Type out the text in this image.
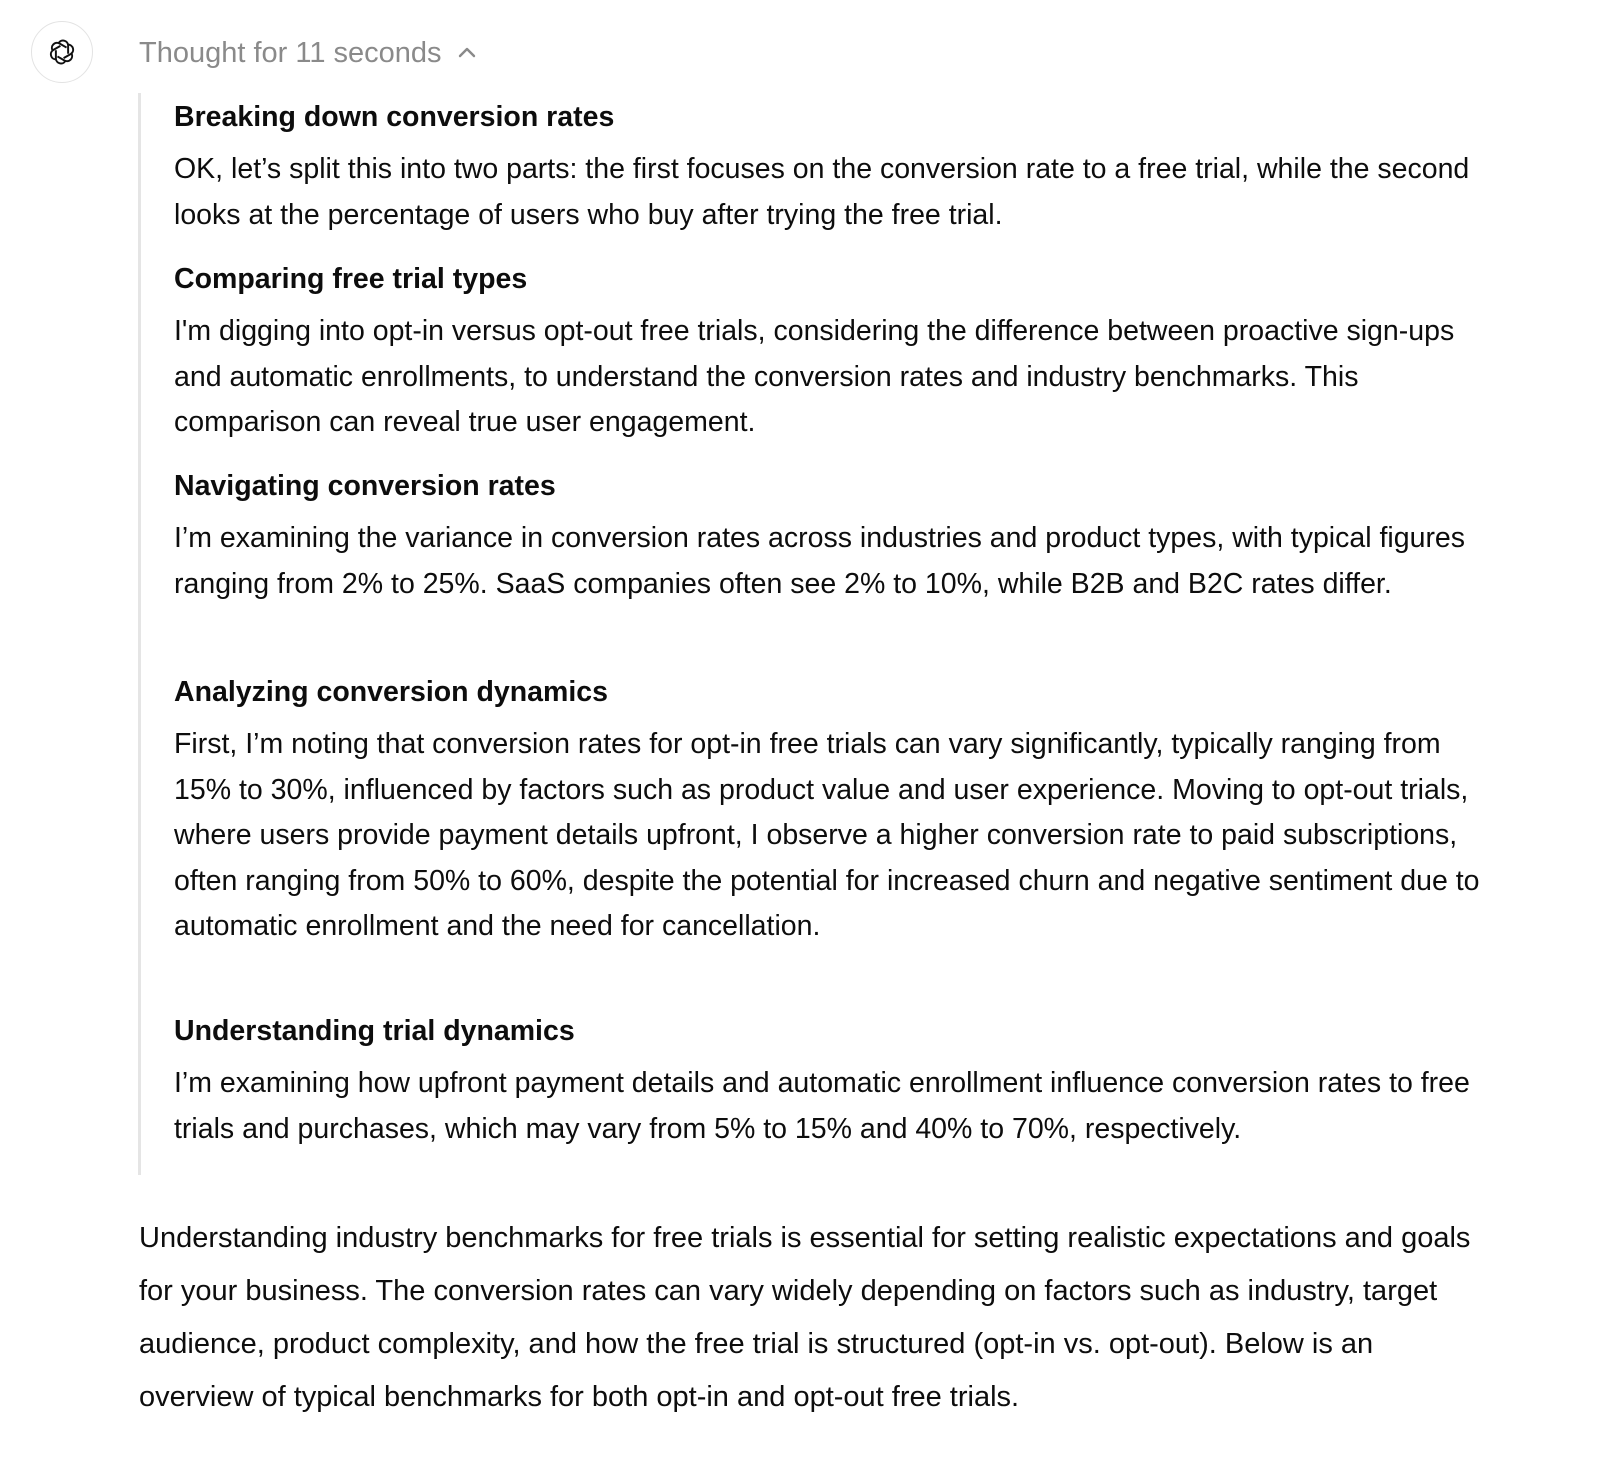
Thought for 11 seconds
Breaking down conversion rates

OK, let’s split this into two parts: the first focuses on the conversion rate to a free trial, while the second looks at the percentage of users who buy after trying the free trial.

Comparing free trial types

I'm digging into opt-in versus opt-out free trials, considering the difference between proactive sign-ups and automatic enrollments, to understand the conversion rates and industry benchmarks. This comparison can reveal true user engagement.

Navigating conversion rates

I’m examining the variance in conversion rates across industries and product types, with typical figures ranging from 2% to 25%. SaaS companies often see 2% to 10%, while B2B and B2C rates differ.

Analyzing conversion dynamics

First, I’m noting that conversion rates for opt-in free trials can vary significantly, typically ranging from 15% to 30%, influenced by factors such as product value and user experience. Moving to opt-out trials, where users provide payment details upfront, I observe a higher conversion rate to paid subscriptions, often ranging from 50% to 60%, despite the potential for increased churn and negative sentiment due to automatic enrollment and the need for cancellation.

Understanding trial dynamics

I’m examining how upfront payment details and automatic enrollment influence conversion rates to free trials and purchases, which may vary from 5% to 15% and 40% to 70%, respectively.

Understanding industry benchmarks for free trials is essential for setting realistic expectations and goals for your business. The conversion rates can vary widely depending on factors such as industry, target audience, product complexity, and how the free trial is structured (opt-in vs. opt-out). Below is an overview of typical benchmarks for both opt-in and opt-out free trials.
